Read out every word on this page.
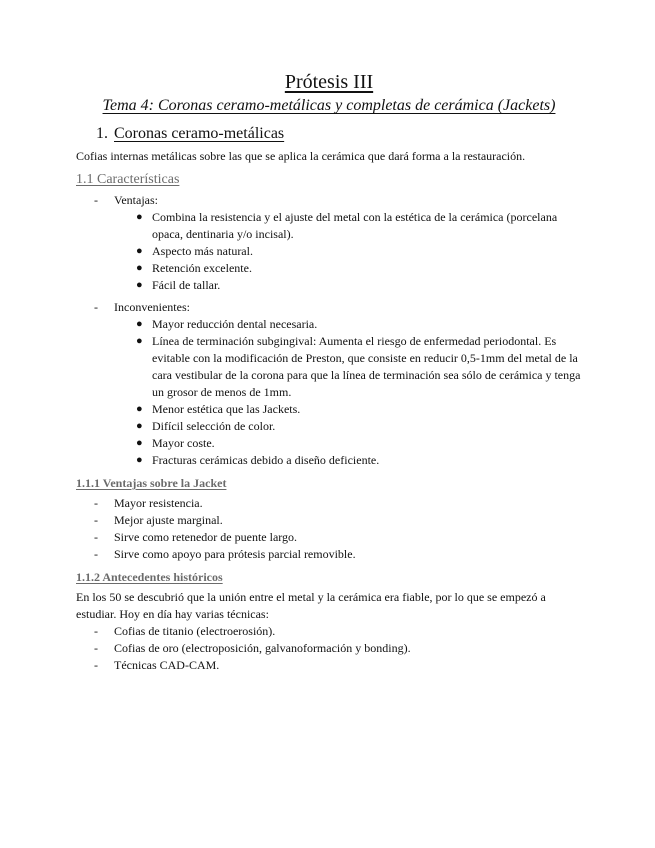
Prótesis III
Tema 4: Coronas ceramo-metálicas y completas de cerámica (Jackets)
1. Coronas ceramo-metálicas

Cofias internas metálicas sobre las que se aplica la cerámica que dará forma a la restauración.

1.1 Características
- Ventajas:
● Combina la resistencia y el ajuste del metal con la estética de la cerámica (porcelana opaca, dentinaria y/o incisal).
● Aspecto más natural.
● Retención excelente.
● Fácil de tallar.
- Inconvenientes:
● Mayor reducción dental necesaria.
● Línea de terminación subgingival: Aumenta el riesgo de enfermedad periodontal. Es evitable con la modificación de Preston, que consiste en reducir 0,5-1mm del metal de la cara vestibular de la corona para que la línea de terminación sea sólo de cerámica y tenga un grosor de menos de 1mm.
● Menor estética que las Jackets.
● Difícil selección de color.
● Mayor coste.
● Fracturas cerámicas debido a diseño deficiente.
1.1.1 Ventajas sobre la Jacket
- Mayor resistencia.
- Mejor ajuste marginal.
- Sirve como retenedor de puente largo.
- Sirve como apoyo para prótesis parcial removible.
1.1.2 Antecedentes históricos

En los 50 se descubrió que la unión entre el metal y la cerámica era fiable, por lo que se empezó a estudiar. Hoy en día hay varias técnicas:

- Cofias de titanio (electroerosión).
- Cofias de oro (electroposición, galvanoformación y bonding).
- Técnicas CAD-CAM.
